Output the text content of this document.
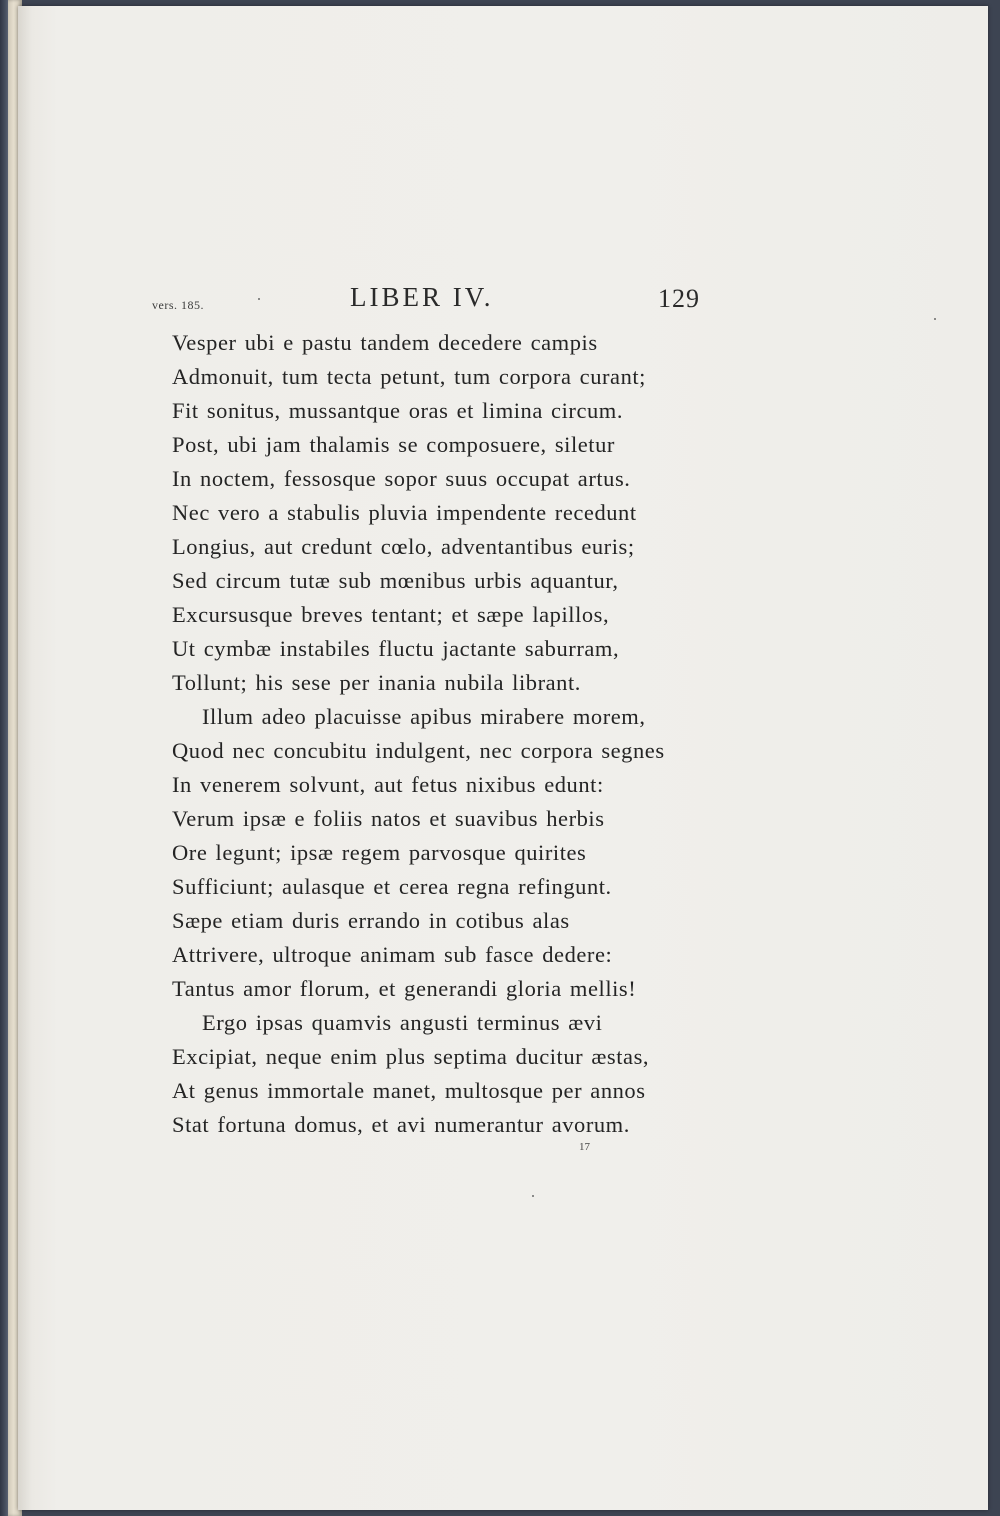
vers. 185.	LIBER IV.	129
Vesper ubi e pastu tandem decedere campis
Admonuit, tum tecta petunt, tum corpora curant;
Fit sonitus, mussantque oras et limina circum.
Post, ubi jam thalamis se composuere, siletur
In noctem, fessosque sopor suus occupat artus.
Nec vero a stabulis pluvia impendente recedunt
Longius, aut credunt cœlo, adventantibus euris;
Sed circum tutæ sub mœnibus urbis aquantur,
Excursusque breves tentant; et sæpe lapillos,
Ut cymbæ instabiles fluctu jactante saburram,
Tollunt; his sese per inania nubila librant.
Illum adeo placuisse apibus mirabere morem,
Quod nec concubitu indulgent, nec corpora segnes
In venerem solvunt, aut fetus nixibus edunt:
Verum ipsæ e foliis natos et suavibus herbis
Ore legunt; ipsæ regem parvosque quirites
Sufficiunt; aulasque et cerea regna refingunt.
Sæpe etiam duris errando in cotibus alas
Attrivere, ultroque animam sub fasce dedere:
Tantus amor florum, et generandi gloria mellis!
Ergo ipsas quamvis angusti terminus ævi
Excipiat, neque enim plus septima ducitur æstas,
At genus immortale manet, multosque per annos
Stat fortuna domus, et avi numerantur avorum.
17
